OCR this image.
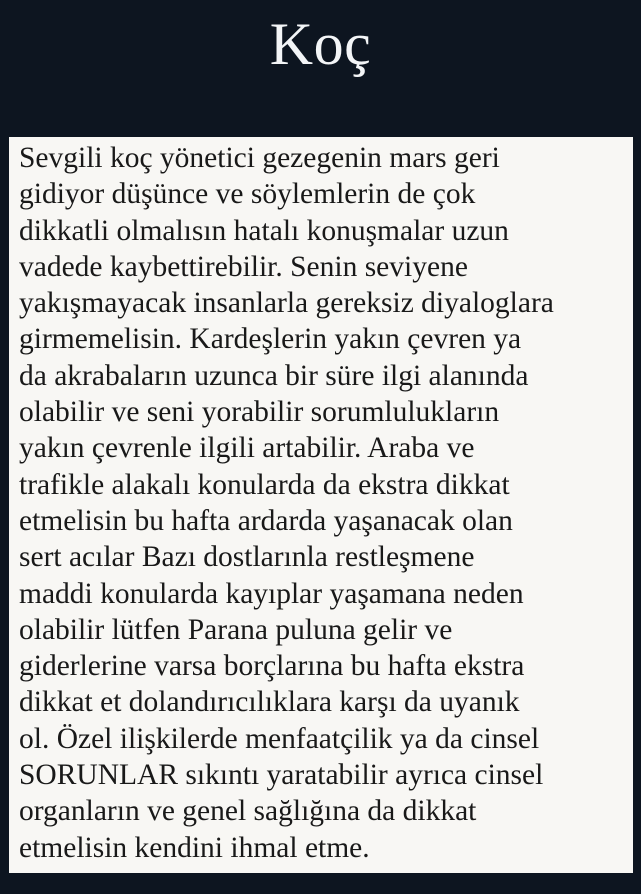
Koç
Sevgili koç yönetici gezegenin mars geri
gidiyor düşünce ve söylemlerin de çok
dikkatli olmalısın hatalı konuşmalar uzun
vadede kaybettirebilir. Senin seviyene
yakışmayacak insanlarla gereksiz diyaloglara
girmemelisin. Kardeşlerin yakın çevren ya
da akrabaların uzunca bir süre ilgi alanında
olabilir ve seni yorabilir sorumlulukların
yakın çevrenle ilgili artabilir. Araba ve
trafikle alakalı konularda da ekstra dikkat
etmelisin bu hafta ardarda yaşanacak olan
sert acılar Bazı dostlarınla restleşmene
maddi konularda kayıplar yaşamana neden
olabilir lütfen Parana puluna gelir ve
giderlerine varsa borçlarına bu hafta ekstra
dikkat et dolandırıcılıklara karşı da uyanık
ol. Özel ilişkilerde menfaatçilik ya da cinsel
SORUNLAR sıkıntı yaratabilir ayrıca cinsel
organların ve genel sağlığına da dikkat
etmelisin kendini ihmal etme.
